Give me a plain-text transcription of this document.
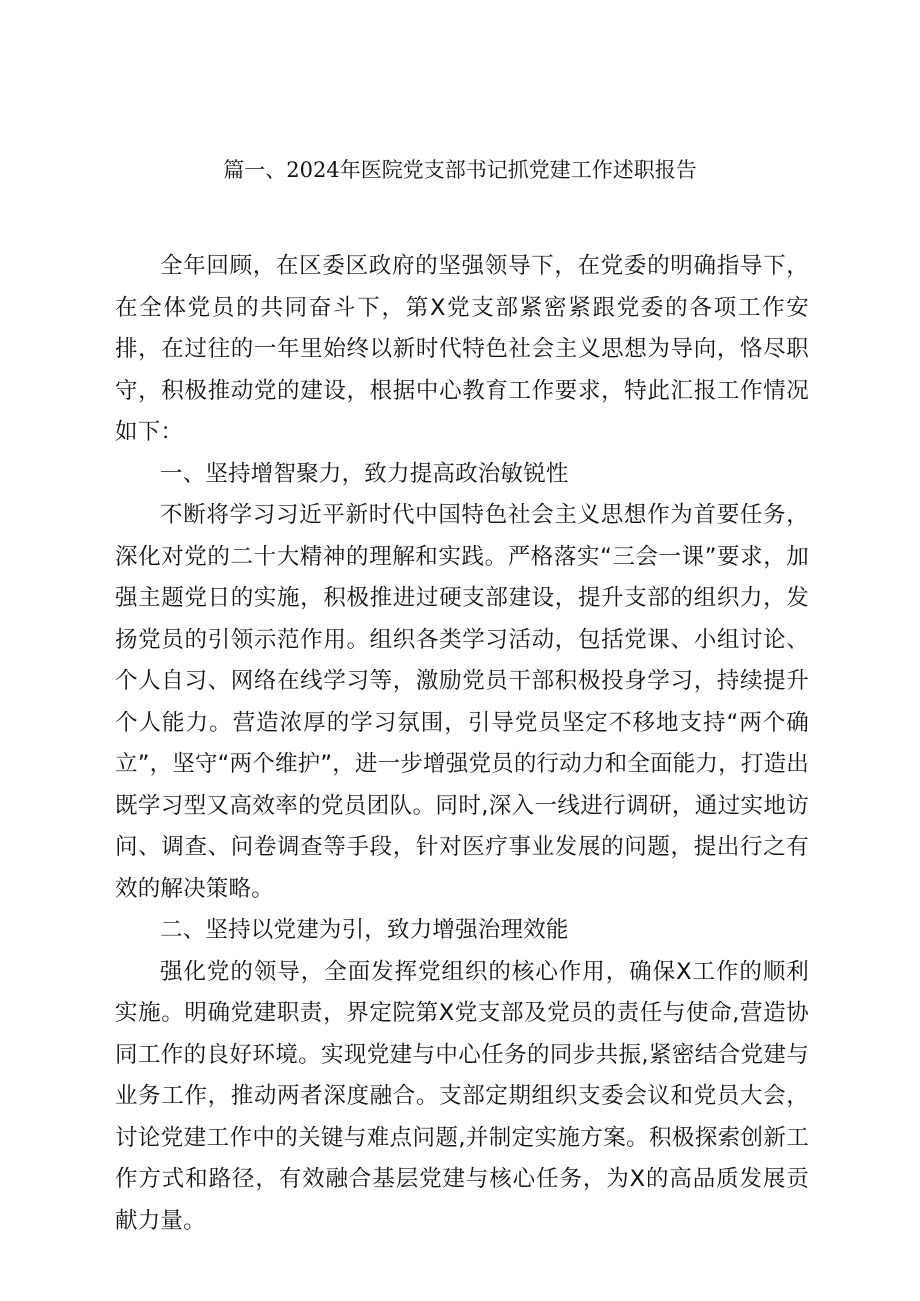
篇一、2024年医院党支部书记抓党建工作述职报告

全年回顾，在区委区政府的坚强领导下，在党委的明确指导下，在全体党员的共同奋斗下，第X党支部紧密紧跟党委的各项工作安排，在过往的一年里始终以新时代特色社会主义思想为导向，恪尽职守，积极推动党的建设，根据中心教育工作要求，特此汇报工作情况如下：

一、坚持增智聚力，致力提高政治敏锐性

不断将学习习近平新时代中国特色社会主义思想作为首要任务，深化对党的二十大精神的理解和实践。严格落实“三会一课”要求，加强主题党日的实施，积极推进过硬支部建设，提升支部的组织力，发扬党员的引领示范作用。组织各类学习活动，包括党课、小组讨论、个人自习、网络在线学习等，激励党员干部积极投身学习，持续提升个人能力。营造浓厚的学习氛围，引导党员坚定不移地支持“两个确立”，坚守“两个维护”，进一步增强党员的行动力和全面能力，打造出既学习型又高效率的党员团队。同时,深入一线进行调研，通过实地访问、调查、问卷调查等手段，针对医疗事业发展的问题，提出行之有效的解决策略。

二、坚持以党建为引，致力增强治理效能

强化党的领导，全面发挥党组织的核心作用，确保X工作的顺利实施。明确党建职责，界定院第X党支部及党员的责任与使命,营造协同工作的良好环境。实现党建与中心任务的同步共振,紧密结合党建与业务工作，推动两者深度融合。支部定期组织支委会议和党员大会，讨论党建工作中的关键与难点问题,并制定实施方案。积极探索创新工作方式和路径，有效融合基层党建与核心任务，为X的高品质发展贡献力量。
